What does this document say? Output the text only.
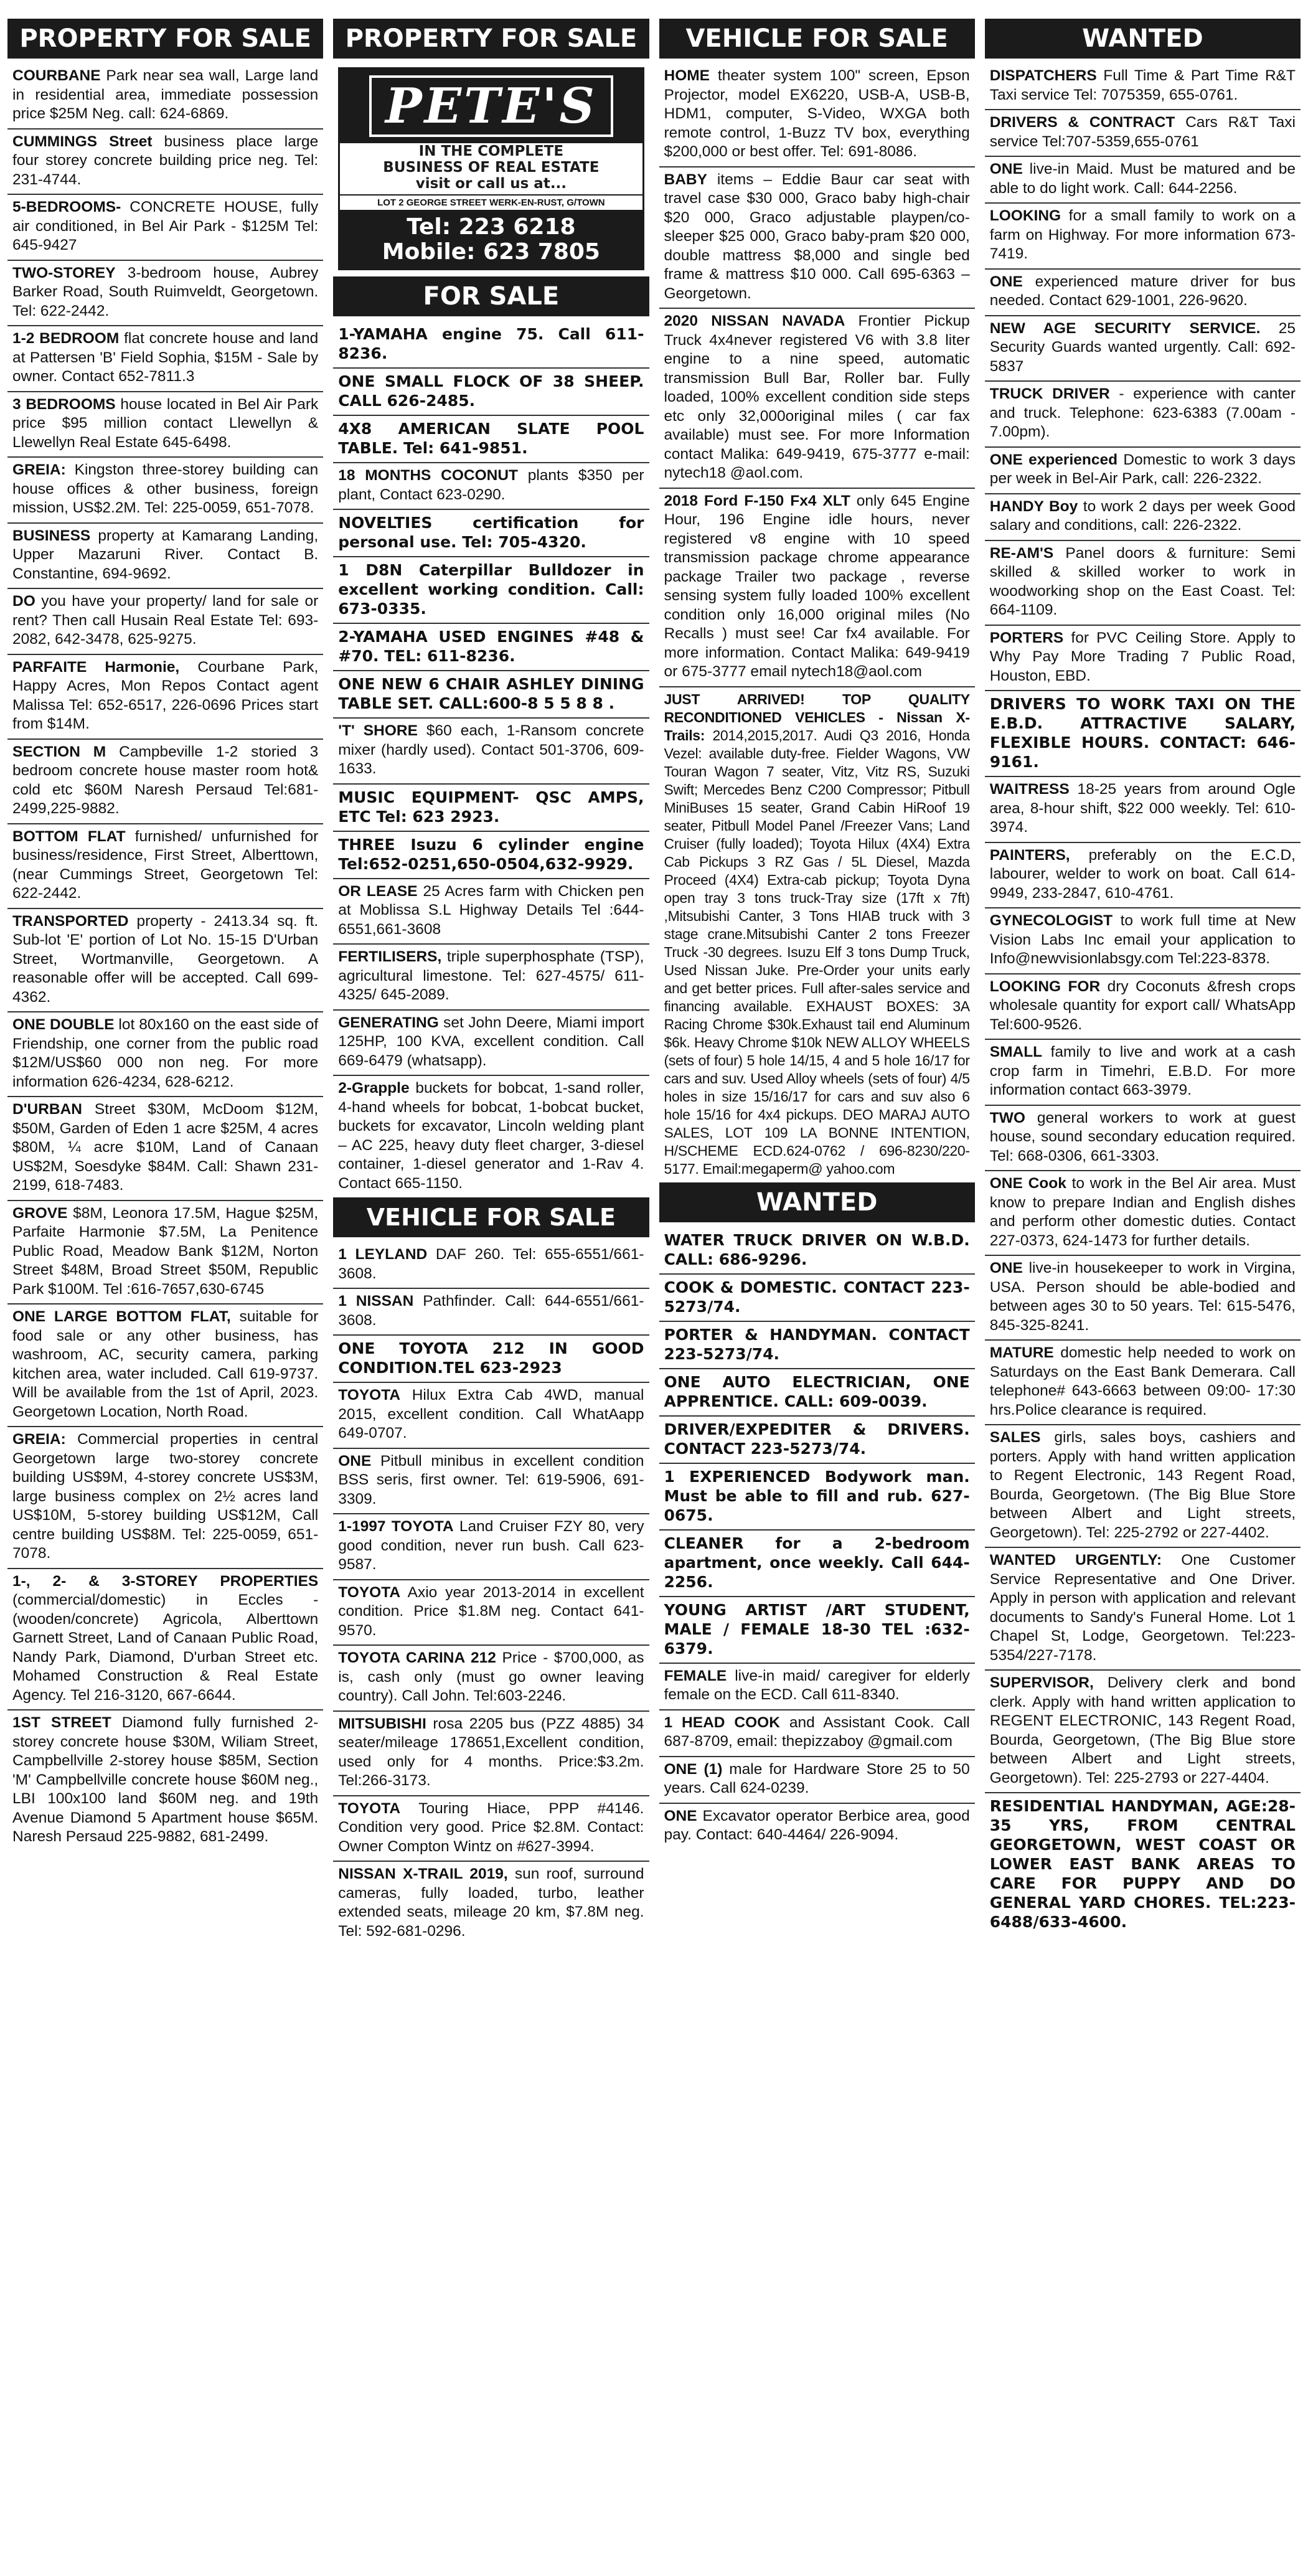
PROPERTY FOR SALE
COURBANE Park near sea wall, Large land in residential area, immediate possession price $25M Neg. call: 624-6869.
CUMMINGS Street business place large four storey concrete building price neg. Tel: 231-4744.
5-BEDROOMS- CONCRETE HOUSE, fully air conditioned, in Bel Air Park - $125M Tel: 645-9427
TWO-STOREY 3-bedroom house, Aubrey Barker Road, South Ruimveldt, Georgetown. Tel: 622-2442.
1-2 BEDROOM flat concrete house and land at Pattersen 'B' Field Sophia, $15M - Sale by owner. Contact 652-7811.3
3 BEDROOMS house located in Bel Air Park price $95 million contact Llewellyn & Llewellyn Real Estate 645-6498.
GREIA: Kingston three-storey building can house offices & other business, foreign mission, US$2.2M. Tel: 225-0059, 651-7078.
BUSINESS property at Kamarang Landing, Upper Mazaruni River. Contact B. Constantine, 694-9692.
DO you have your property/ land for sale or rent? Then call Husain Real Estate Tel: 693-2082, 642-3478, 625-9275.
PARFAITE Harmonie, Courbane Park, Happy Acres, Mon Repos Contact agent Malissa Tel: 652-6517, 226-0696 Prices start from $14M.
SECTION M Campbeville 1-2 storied 3 bedroom concrete house master room hot& cold etc $60M Naresh Persaud Tel:681-2499,225-9882.
BOTTOM FLAT furnished/ unfurnished for business/residence, First Street, Alberttown, (near Cummings Street, Georgetown Tel: 622-2442.
TRANSPORTED property - 2413.34 sq. ft. Sub-lot 'E' portion of Lot No. 15-15 D'Urban Street, Wortmanville, Georgetown. A reasonable offer will be accepted. Call 699-4362.
ONE DOUBLE lot 80x160 on the east side of Friendship, one corner from the public road $12M/US$60 000 non neg. For more information 626-4234, 628-6212.
D'URBAN Street $30M, McDoom $12M, $50M, Garden of Eden 1 acre $25M, 4 acres $80M, ¼ acre $10M, Land of Canaan US$2M, Soesdyke $84M. Call: Shawn 231-2199, 618-7483.
GROVE $8M, Leonora 17.5M, Hague $25M, Parfaite Harmonie $7.5M, La Penitence Public Road, Meadow Bank $12M, Norton Street $48M, Broad Street $50M, Republic Park $100M. Tel :616-7657,630-6745
ONE LARGE BOTTOM FLAT, suitable for food sale or any other business, has washroom, AC, security camera, parking kitchen area, water included. Call 619-9737. Will be available from the 1st of April, 2023. Georgetown Location, North Road.
GREIA: Commercial properties in central Georgetown large two-storey concrete building US$9M, 4-storey concrete US$3M, large business complex on 2½ acres land US$10M, 5-storey building US$12M, Call centre building US$8M. Tel: 225-0059, 651-7078.
1-, 2- & 3-STOREY PROPERTIES (commercial/domestic) in Eccles - (wooden/concrete) Agricola, Alberttown Garnett Street, Land of Canaan Public Road, Nandy Park, Diamond, D'urban Street etc. Mohamed Construction & Real Estate Agency. Tel 216-3120, 667-6644.
1ST STREET Diamond fully furnished 2-storey concrete house $30M, Wiliam Street, Campbellville 2-storey house $85M, Section 'M' Campbellville concrete house $60M neg., LBI 100x100 land $60M neg. and 19th Avenue Diamond 5 Apartment house $65M. Naresh Persaud 225-9882, 681-2499.
PROPERTY FOR SALE
PETE'S
IN THE COMPLETE
BUSINESS OF REAL ESTATE
visit or call us at...
LOT 2 GEORGE STREET WERK-EN-RUST, G/TOWN
Tel: 223 6218
Mobile: 623 7805
FOR SALE
1-YAMAHA engine 75. Call 611-8236.
ONE SMALL FLOCK OF 38 SHEEP. CALL 626-2485.
4X8 AMERICAN SLATE POOL TABLE. Tel: 641-9851.
18 MONTHS COCONUT plants $350 per plant, Contact 623-0290.
NOVELTIES certification for personal use. Tel: 705-4320.
1 D8N Caterpillar Bulldozer in excellent working condition. Call: 673-0335.
2-YAMAHA USED ENGINES #48 & #70. TEL: 611-8236.
ONE NEW 6 CHAIR ASHLEY DINING TABLE SET. CALL:600-8 5 5 8 8 .
'T' SHORE $60 each, 1-Ransom concrete mixer (hardly used). Contact 501-3706, 609-1633.
MUSIC EQUIPMENT- QSC AMPS, ETC Tel: 623 2923.
THREE Isuzu 6 cylinder engine Tel:652-0251,650-0504,632-9929.
OR LEASE 25 Acres farm with Chicken pen at Moblissa S.L Highway Details Tel :644-6551,661-3608
FERTILISERS, triple superphosphate (TSP), agricultural limestone. Tel: 627-4575/ 611-4325/ 645-2089.
GENERATING set John Deere, Miami import 125HP, 100 KVA, excellent condition. Call 669-6479 (whatsapp).
2-Grapple buckets for bobcat, 1-sand roller, 4-hand wheels for bobcat, 1-bobcat bucket, buckets for excavator, Lincoln welding plant – AC 225, heavy duty fleet charger, 3-diesel container, 1-diesel generator and 1-Rav 4. Contact 665-1150.
VEHICLE FOR SALE
1 LEYLAND DAF 260. Tel: 655-6551/661-3608.
1 NISSAN Pathfinder. Call: 644-6551/661-3608.
ONE TOYOTA 212 IN GOOD CONDITION.TEL 623-2923
TOYOTA Hilux Extra Cab 4WD, manual 2015, excellent condition. Call WhatAapp 649-0707.
ONE Pitbull minibus in excellent condition BSS seris, first owner. Tel: 619-5906, 691-3309.
1-1997 TOYOTA Land Cruiser FZY 80, very good condition, never run bush. Call 623-9587.
TOYOTA Axio year 2013-2014 in excellent condition. Price $1.8M neg. Contact 641-9570.
TOYOTA CARINA 212 Price - $700,000, as is, cash only (must go owner leaving country). Call John. Tel:603-2246.
MITSUBISHI rosa 2205 bus (PZZ 4885) 34 seater/mileage 178651,Excellent condition, used only for 4 months. Price:$3.2m. Tel:266-3173.
TOYOTA Touring Hiace, PPP #4146. Condition very good. Price $2.8M. Contact: Owner Compton Wintz on #627-3994.
NISSAN X-TRAIL 2019, sun roof, surround cameras, fully loaded, turbo, leather extended seats, mileage 20 km, $7.8M neg. Tel: 592-681-0296.
VEHICLE FOR SALE
HOME theater system 100" screen, Epson Projector, model EX6220, USB-A, USB-B, HDM1, computer, S-Video, WXGA both remote control, 1-Buzz TV box, everything $200,000 or best offer. Tel: 691-8086.
BABY items – Eddie Baur car seat with travel case $30 000, Graco baby high-chair $20 000, Graco adjustable playpen/co-sleeper $25 000, Graco baby-pram $20 000, double mattress $8,000 and single bed frame & mattress $10 000. Call 695-6363 – Georgetown.
2020 NISSAN NAVADA Frontier Pickup Truck 4x4never registered V6 with 3.8 liter engine to a nine speed, automatic transmission Bull Bar, Roller bar. Fully loaded, 100% excellent condition side steps etc only 32,000original miles ( car fax available) must see. For more Information contact Malika: 649-9419, 675-3777 e-mail: nytech18 @aol.com.
2018 Ford F-150 Fx4 XLT only 645 Engine Hour, 196 Engine idle hours, never registered v8 engine with 10 speed transmission package chrome appearance package Trailer two package , reverse sensing system fully loaded 100% excellent condition only 16,000 original miles (No Recalls ) must see! Car fx4 available. For more information. Contact Malika: 649-9419 or 675-3777 email nytech18@aol.com
JUST ARRIVED! TOP QUALITY RECONDITIONED VEHICLES - Nissan X-Trails: 2014,2015,2017. Audi Q3 2016, Honda Vezel: available duty-free. Fielder Wagons, VW Touran Wagon 7 seater, Vitz, Vitz RS, Suzuki Swift; Mercedes Benz C200 Compressor; Pitbull MiniBuses 15 seater, Grand Cabin HiRoof 19 seater, Pitbull Model Panel /Freezer Vans; Land Cruiser (fully loaded); Toyota Hilux (4X4) Extra Cab Pickups 3 RZ Gas / 5L Diesel, Mazda Proceed (4X4) Extra-cab pickup; Toyota Dyna open tray 3 tons truck-Tray size (17ft x 7ft) ,Mitsubishi Canter, 3 Tons HIAB truck with 3 stage crane.Mitsubishi Canter 2 tons Freezer Truck -30 degrees. Isuzu Elf 3 tons Dump Truck, Used Nissan Juke. Pre-Order your units early and get better prices. Full after-sales service and financing available. EXHAUST BOXES: 3A Racing Chrome $30k.Exhaust tail end Aluminum $6k. Heavy Chrome $10k NEW ALLOY WHEELS (sets of four) 5 hole 14/15, 4 and 5 hole 16/17 for cars and suv. Used Alloy wheels (sets of four) 4/5 holes in size 15/16/17 for cars and suv also 6 hole 15/16 for 4x4 pickups. DEO MARAJ AUTO SALES, LOT 109 LA BONNE INTENTION, H/SCHEME ECD.624-0762 / 696-8230/220-5177. Email:megaperm@ yahoo.com
WANTED
WATER TRUCK DRIVER ON W.B.D. CALL: 686-9296.
COOK & DOMESTIC. CONTACT 223-5273/74.
PORTER & HANDYMAN. CONTACT 223-5273/74.
ONE AUTO ELECTRICIAN, ONE APPRENTICE. CALL: 609-0039.
DRIVER/EXPEDITER & DRIVERS. CONTACT 223-5273/74.
1 EXPERIENCED Bodywork man. Must be able to fill and rub. 627-0675.
CLEANER for a 2-bedroom apartment, once weekly. Call 644-2256.
YOUNG ARTIST /ART STUDENT, MALE / FEMALE 18-30 TEL :632-6379.
FEMALE live-in maid/ caregiver for elderly female on the ECD. Call 611-8340.
1 HEAD COOK and Assistant Cook. Call 687-8709, email: thepizzaboy @gmail.com
ONE (1) male for Hardware Store 25 to 50 years. Call 624-0239.
ONE Excavator operator Berbice area, good pay. Contact: 640-4464/ 226-9094.
WANTED
DISPATCHERS Full Time & Part Time R&T Taxi service Tel: 7075359, 655-0761.
DRIVERS & CONTRACT Cars R&T Taxi service Tel:707-5359,655-0761
ONE live-in Maid. Must be matured and be able to do light work. Call: 644-2256.
LOOKING for a small family to work on a farm on Highway. For more information 673-7419.
ONE experienced mature driver for bus needed. Contact 629-1001, 226-9620.
NEW AGE SECURITY SERVICE. 25 Security Guards wanted urgently. Call: 692-5837
TRUCK DRIVER - experience with canter and truck. Telephone: 623-6383 (7.00am - 7.00pm).
ONE experienced Domestic to work 3 days per week in Bel-Air Park, call: 226-2322.
HANDY Boy to work 2 days per week Good salary and conditions, call: 226-2322.
RE-AM'S Panel doors & furniture: Semi skilled & skilled worker to work in woodworking shop on the East Coast. Tel: 664-1109.
PORTERS for PVC Ceiling Store. Apply to Why Pay More Trading 7 Public Road, Houston, EBD.
DRIVERS TO WORK TAXI ON THE E.B.D. ATTRACTIVE SALARY, FLEXIBLE HOURS. CONTACT: 646-9161.
WAITRESS 18-25 years from around Ogle area, 8-hour shift, $22 000 weekly. Tel: 610-3974.
PAINTERS, preferably on the E.C.D, labourer, welder to work on boat. Call 614-9949, 233-2847, 610-4761.
GYNECOLOGIST to work full time at New Vision Labs Inc email your application to Info@newvisionlabsgy.com Tel:223-8378.
LOOKING FOR dry Coconuts &fresh crops wholesale quantity for export call/ WhatsApp Tel:600-9526.
SMALL family to live and work at a cash crop farm in Timehri, E.B.D. For more information contact 663-3979.
TWO general workers to work at guest house, sound secondary education required. Tel: 668-0306, 661-3303.
ONE Cook to work in the Bel Air area. Must know to prepare Indian and English dishes and perform other domestic duties. Contact 227-0373, 624-1473 for further details.
ONE live-in housekeeper to work in Virgina, USA. Person should be able-bodied and between ages 30 to 50 years. Tel: 615-5476, 845-325-8241.
MATURE domestic help needed to work on Saturdays on the East Bank Demerara. Call telephone# 643-6663 between 09:00- 17:30 hrs.Police clearance is required.
SALES girls, sales boys, cashiers and porters. Apply with hand written application to Regent Electronic, 143 Regent Road, Bourda, Georgetown. (The Big Blue Store between Albert and Light streets, Georgetown). Tel: 225-2792 or 227-4402.
WANTED URGENTLY: One Customer Service Representative and One Driver. Apply in person with application and relevant documents to Sandy's Funeral Home. Lot 1 Chapel St, Lodge, Georgetown. Tel:223-5354/227-7178.
SUPERVISOR, Delivery clerk and bond clerk. Apply with hand written application to REGENT ELECTRONIC, 143 Regent Road, Bourda, Georgetown, (The Big Blue store between Albert and Light streets, Georgetown). Tel: 225-2793 or 227-4404.
RESIDENTIAL HANDYMAN, AGE:28-35 YRS, FROM CENTRAL GEORGETOWN, WEST COAST OR LOWER EAST BANK AREAS TO CARE FOR PUPPY AND DO GENERAL YARD CHORES. TEL:223-6488/633-4600.
